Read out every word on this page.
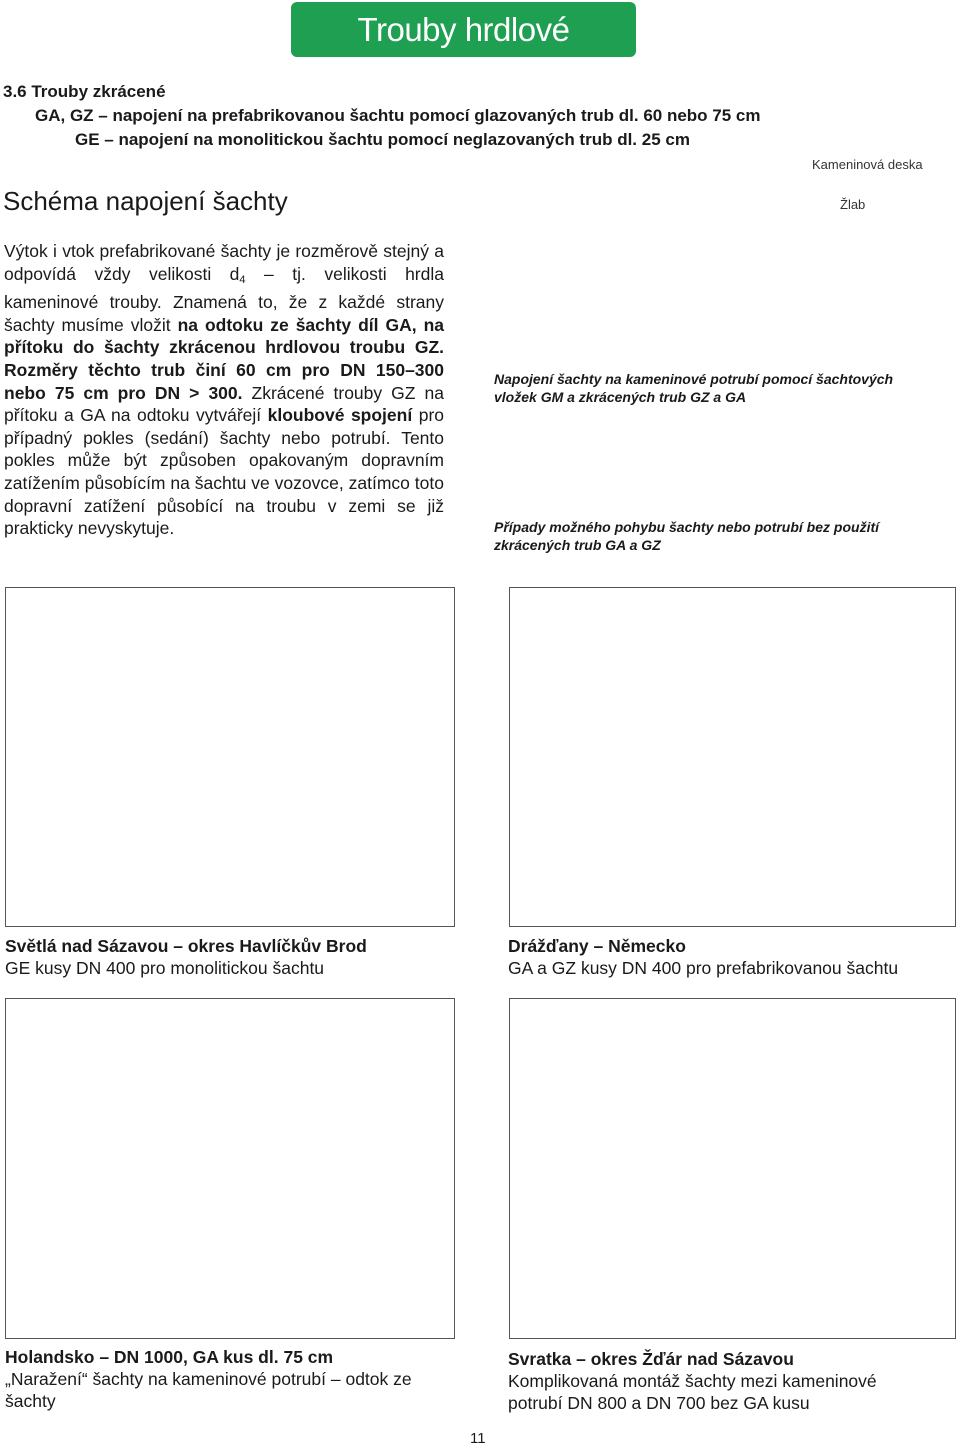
Trouby hrdlové
3.6 Trouby zkrácené
GA, GZ – napojení na prefabrikovanou šachtu pomocí glazovaných trub dl. 60 nebo 75 cm
GE – napojení na monolitickou šachtu pomocí neglazovaných trub dl. 25 cm
Schéma napojení šachty
Kameninová deska
Žlab
Výtok i vtok prefabrikované šachty je rozměrově stejný a odpovídá vždy velikosti $d_4$ – tj. velikosti hrdla kameninové trouby. Znamená to, že z každé strany šachty musíme vložit na odtoku ze šachty díl GA, na přítoku do šachty zkrácenou hrdlovou troubu GZ. Rozměry těchto trub činí 60 cm pro DN 150–300 nebo 75 cm pro DN > 300. Zkrácené trouby GZ na přítoku a GA na odtoku vytvářejí kloubové spojení pro případný pokles (sedání) šachty nebo potrubí. Tento pokles může být způsoben opakovaným dopravním zatížením působícím na šachtu ve vozovce, zatímco toto dopravní zatížení působící na troubu v zemi se již prakticky nevyskytuje.
Napojení šachty na kameninové potrubí pomocí šachtových vložek GM a zkrácených trub GZ a GA
Případy možného pohybu šachty nebo potrubí bez použití zkrácených trub GA a GZ
Světlá nad Sázavou – okres Havlíčkův Brod
GE kusy DN 400 pro monolitickou šachtu
Drážďany – Německo
GA a GZ kusy DN 400 pro prefabrikovanou šachtu
Holandsko – DN 1000, GA kus dl. 75 cm
„Naražení“ šachty na kameninové potrubí – odtok ze šachty
Svratka – okres Žďár nad Sázavou
Komplikovaná montáž šachty mezi kameninové potrubí DN 800 a DN 700 bez GA kusu
11
